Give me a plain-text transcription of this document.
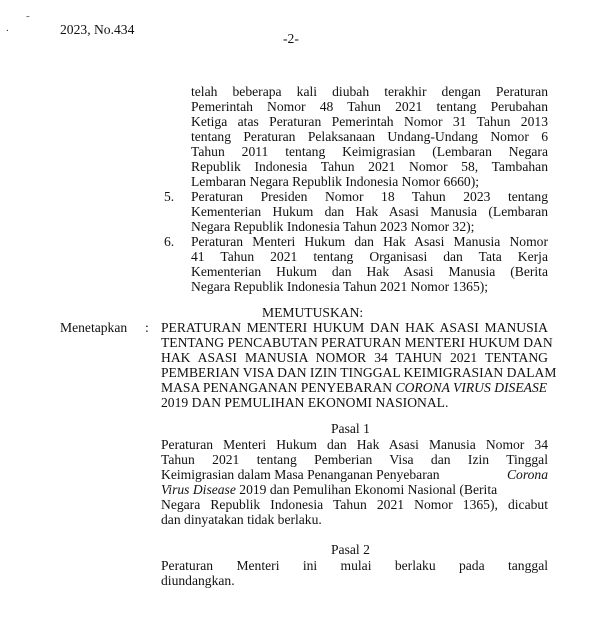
.
˜
2023, No.434
-2-
telah beberapa kali diubah terakhir dengan Peraturan
Pemerintah Nomor 48 Tahun 2021 tentang Perubahan
Ketiga atas Peraturan Pemerintah Nomor 31 Tahun 2013
tentang Peraturan Pelaksanaan Undang-Undang Nomor 6
Tahun 2011 tentang Keimigrasian (Lembaran Negara
Republik Indonesia Tahun 2021 Nomor 58, Tambahan
Lembaran Negara Republik Indonesia Nomor 6660);
5. Peraturan Presiden Nomor 18 Tahun 2023 tentang
Kementerian Hukum dan Hak Asasi Manusia (Lembaran
Negara Republik Indonesia Tahun 2023 Nomor 32);
6. Peraturan Menteri Hukum dan Hak Asasi Manusia Nomor
41 Tahun 2021 tentang Organisasi dan Tata Kerja
Kementerian Hukum dan Hak Asasi Manusia (Berita
Negara Republik Indonesia Tahun 2021 Nomor 1365);
MEMUTUSKAN:
Menetapkan : PERATURAN MENTERI HUKUM DAN HAK ASASI MANUSIA
TENTANG PENCABUTAN PERATURAN MENTERI HUKUM DAN
HAK ASASI MANUSIA NOMOR 34 TAHUN 2021 TENTANG
PEMBERIAN VISA DAN IZIN TINGGAL KEIMIGRASIAN DALAM
MASA PENANGANAN PENYEBARAN CORONA VIRUS DISEASE
2019 DAN PEMULIHAN EKONOMI NASIONAL.
Pasal 1
Peraturan Menteri Hukum dan Hak Asasi Manusia Nomor 34
Tahun 2021 tentang Pemberian Visa dan Izin Tinggal
Keimigrasian dalam Masa Penanganan Penyebaran	Corona
Virus Disease 2019 dan Pemulihan Ekonomi Nasional (Berita
Negara Republik Indonesia Tahun 2021 Nomor 1365), dicabut
dan dinyatakan tidak berlaku.
Pasal 2
Peraturan Menteri ini mulai berlaku pada tanggal
diundangkan.
